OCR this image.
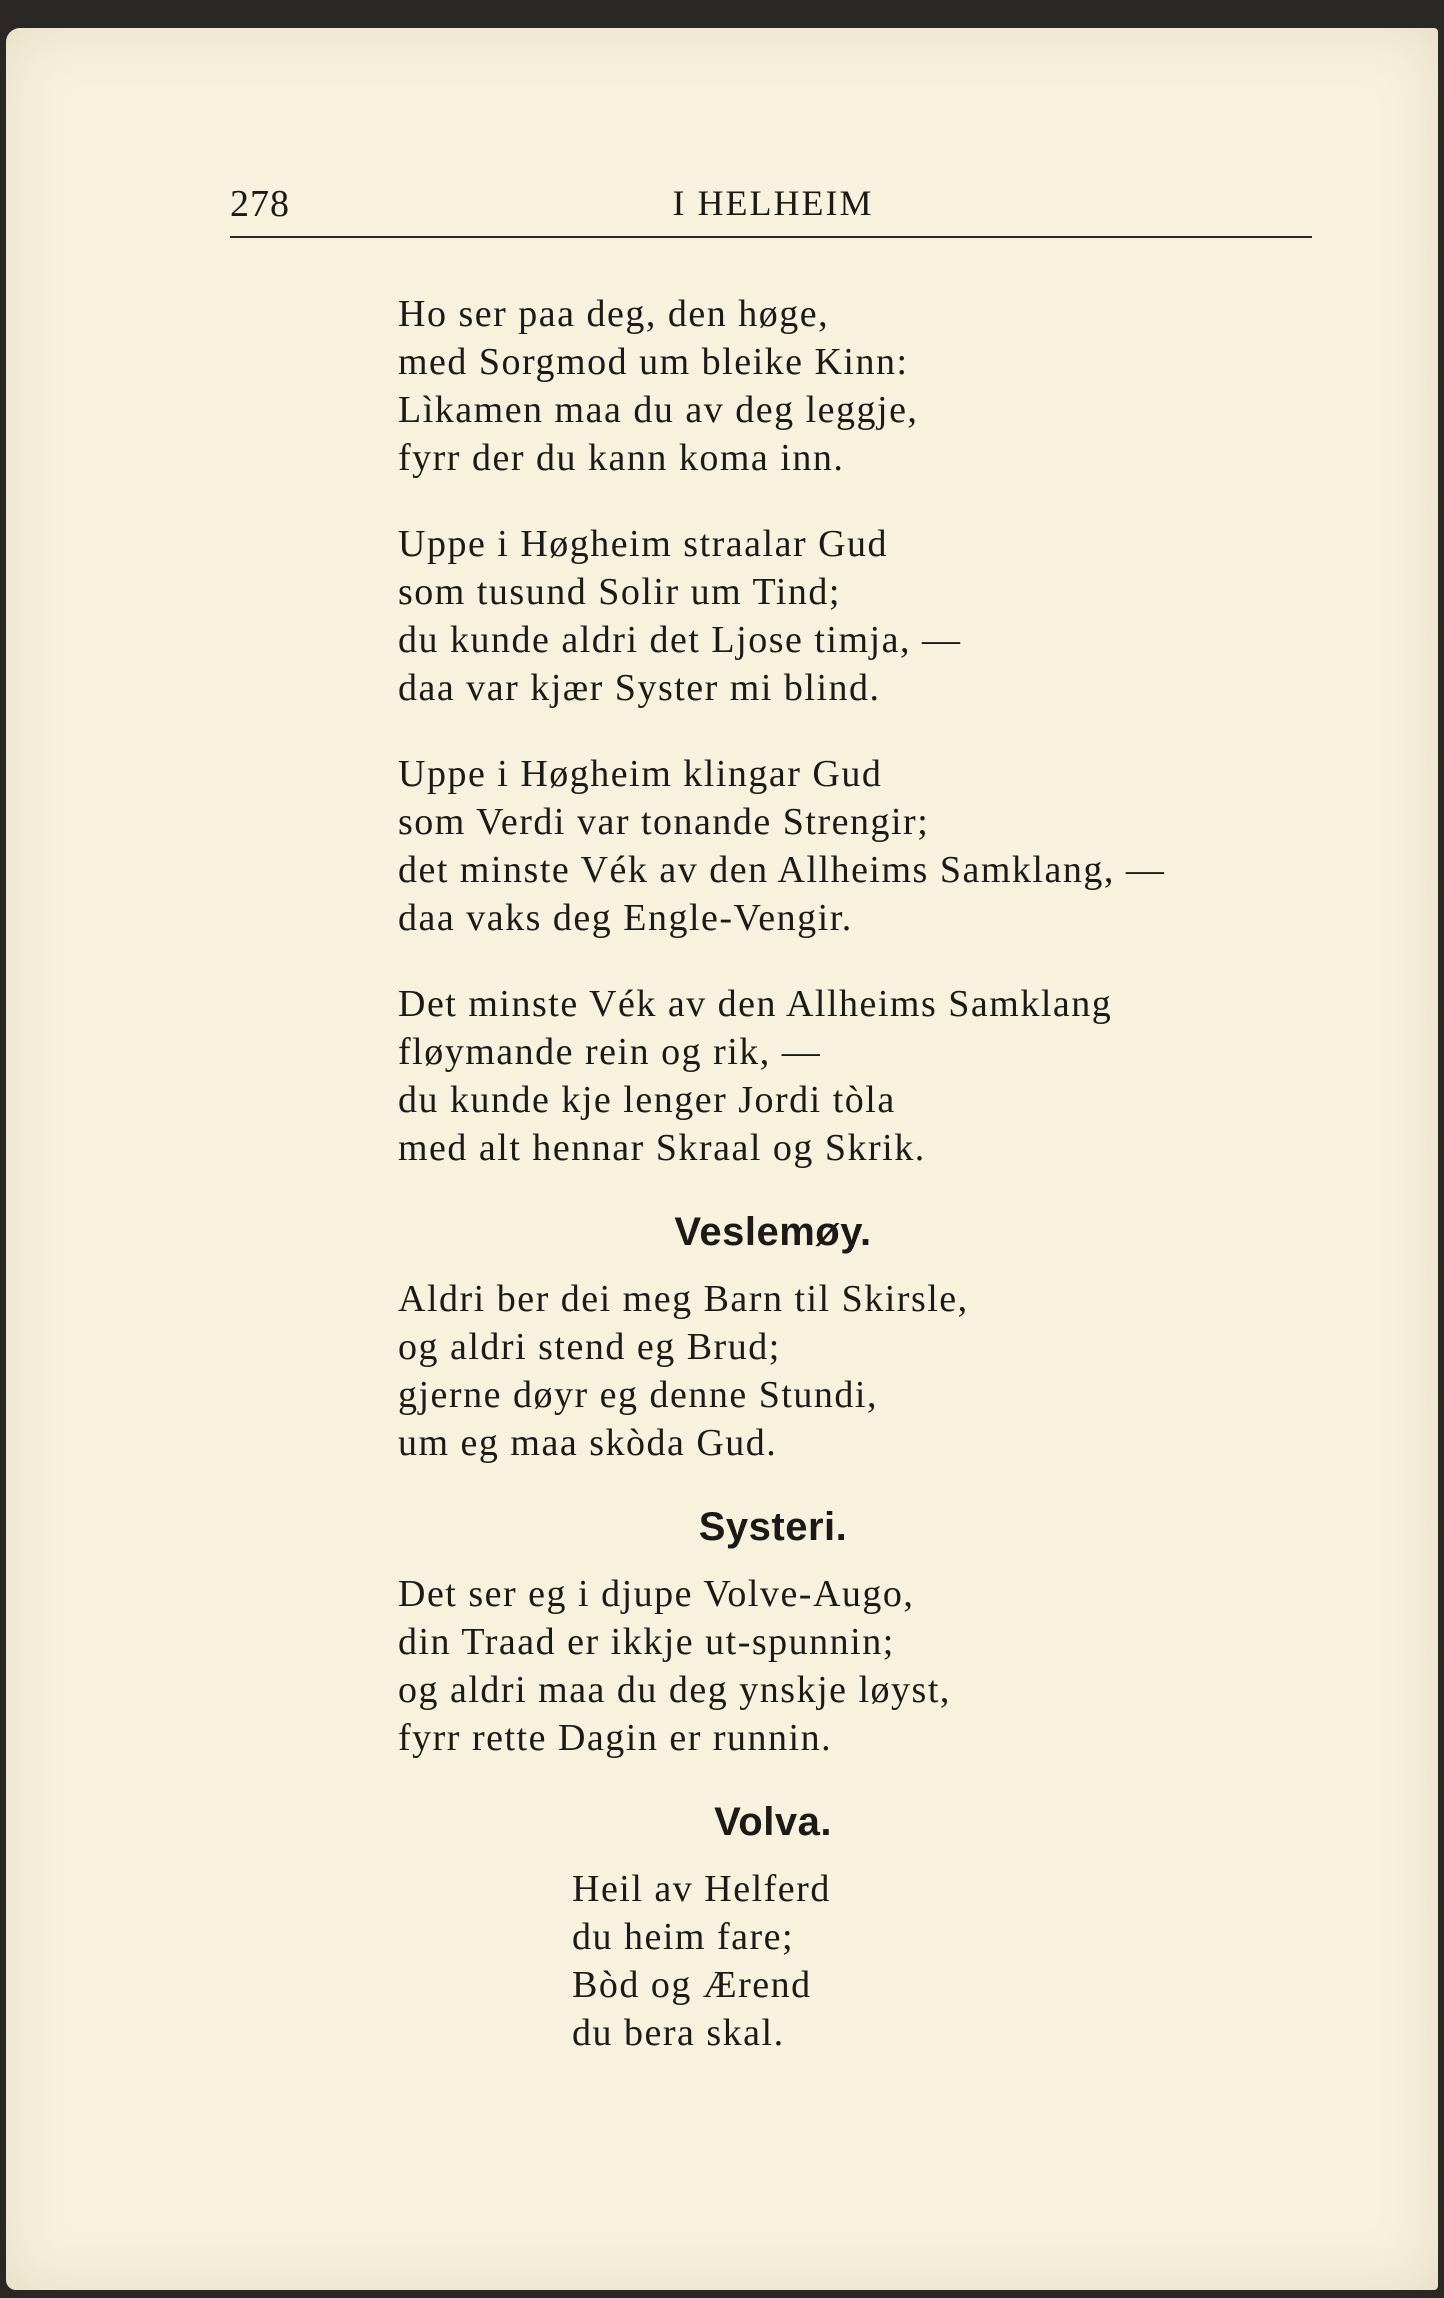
278	I HELHEIM
Ho ser paa deg, den høge,
med Sorgmod um bleike Kinn:
Lìkamen maa du av deg leggje,
fyrr der du kann koma inn.
Uppe i Høgheim straalar Gud
som tusund Solir um Tind;
du kunde aldri det Ljose timja, —
daa var kjær Syster mi blind.
Uppe i Høgheim klingar Gud
som Verdi var tonande Strengir;
det minste Vék av den Allheims Samklang, —
daa vaks deg Engle-Vengir.
Det minste Vék av den Allheims Samklang
fløymande rein og rik, —
du kunde kje lenger Jordi tòla
med alt hennar Skraal og Skrik.
Veslemøy.
Aldri ber dei meg Barn til Skirsle,
og aldri stend eg Brud;
gjerne døyr eg denne Stundi,
um eg maa skòda Gud.
Systeri.
Det ser eg i djupe Volve-Augo,
din Traad er ikkje ut-spunnin;
og aldri maa du deg ynskje løyst,
fyrr rette Dagin er runnin.
Volva.
Heil av Helferd
du heim fare;
Bòd og Ærend
du bera skal.
